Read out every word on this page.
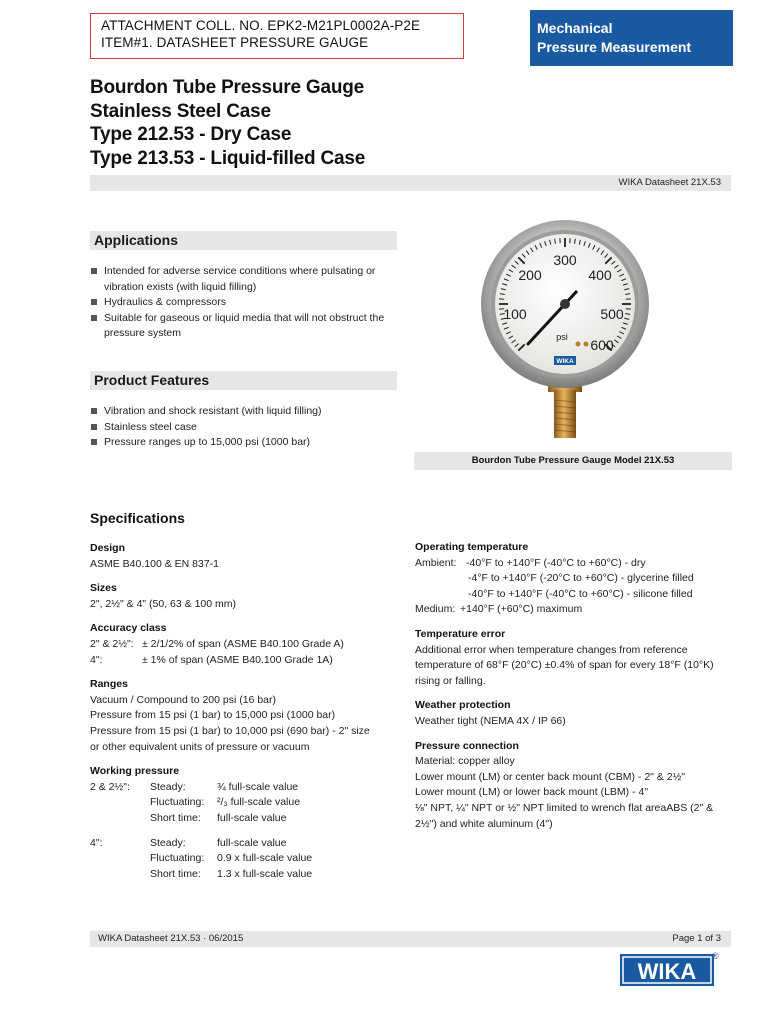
ATTACHMENT COLL. NO. EPK2-M21PL0002A-P2E
ITEM#1. DATASHEET PRESSURE GAUGE
Mechanical
Pressure Measurement
Bourdon Tube Pressure Gauge
Stainless Steel Case
Type 212.53 - Dry Case
Type 213.53 - Liquid-filled Case
WIKA Datasheet 21X.53
Applications
Intended for adverse service conditions where pulsating or vibration exists (with liquid filling)
Hydraulics & compressors
Suitable for gaseous or liquid media that will not obstruct the pressure system
Product Features
Vibration and shock resistant (with liquid filling)
Stainless steel case
Pressure ranges up to 15,000 psi (1000 bar)
100
200
300
400
500
600
psi
WIKA
Bourdon Tube Pressure Gauge Model 21X.53
Specifications
Design
ASME B40.100 & EN 837-1
Sizes
2", 2½" & 4" (50, 63 & 100 mm)
Accuracy class
2" & 2½": ± 2/1/2% of span (ASME B40.100 Grade A)
4":	± 1% of span (ASME B40.100 Grade 1A)
Ranges
Vacuum / Compound to 200 psi (16 bar)
Pressure from 15 psi (1 bar) to 15,000 psi (1000 bar)
Pressure from 15 psi (1 bar) to 10,000 psi (690 bar) - 2" size
or other equivalent units of pressure or vacuum
Working pressure
2 & 2½":	Steady:	¾ full-scale value
Fluctuating:	²/₃ full-scale value
Short time:	full-scale value
4":	Steady:	full-scale value
Fluctuating:	0.9 x full-scale value
Short time:	1.3 x full-scale value
Operating temperature
Ambient: -40°F to +140°F (-40°C to +60°C) - dry
-4°F to +140°F (-20°C to +60°C) - glycerine filled
-40°F to +140°F (-40°C to +60°C) - silicone filled
Medium: +140°F (+60°C) maximum
Temperature error
Additional error when temperature changes from reference temperature of 68°F (20°C) ±0.4% of span for every 18°F (10°K) rising or falling.
Weather protection
Weather tight (NEMA 4X / IP 66)
Pressure connection
Material: copper alloy
Lower mount (LM) or center back mount (CBM) - 2" & 2½"
Lower mount (LM) or lower back mount (LBM) - 4"
⅛" NPT, ¼" NPT or ½" NPT limited to wrench flat areaABS (2" & 2½") and white aluminum (4")
WIKA Datasheet 21X.53 · 06/2015	Page 1 of 3
WIKA
®
